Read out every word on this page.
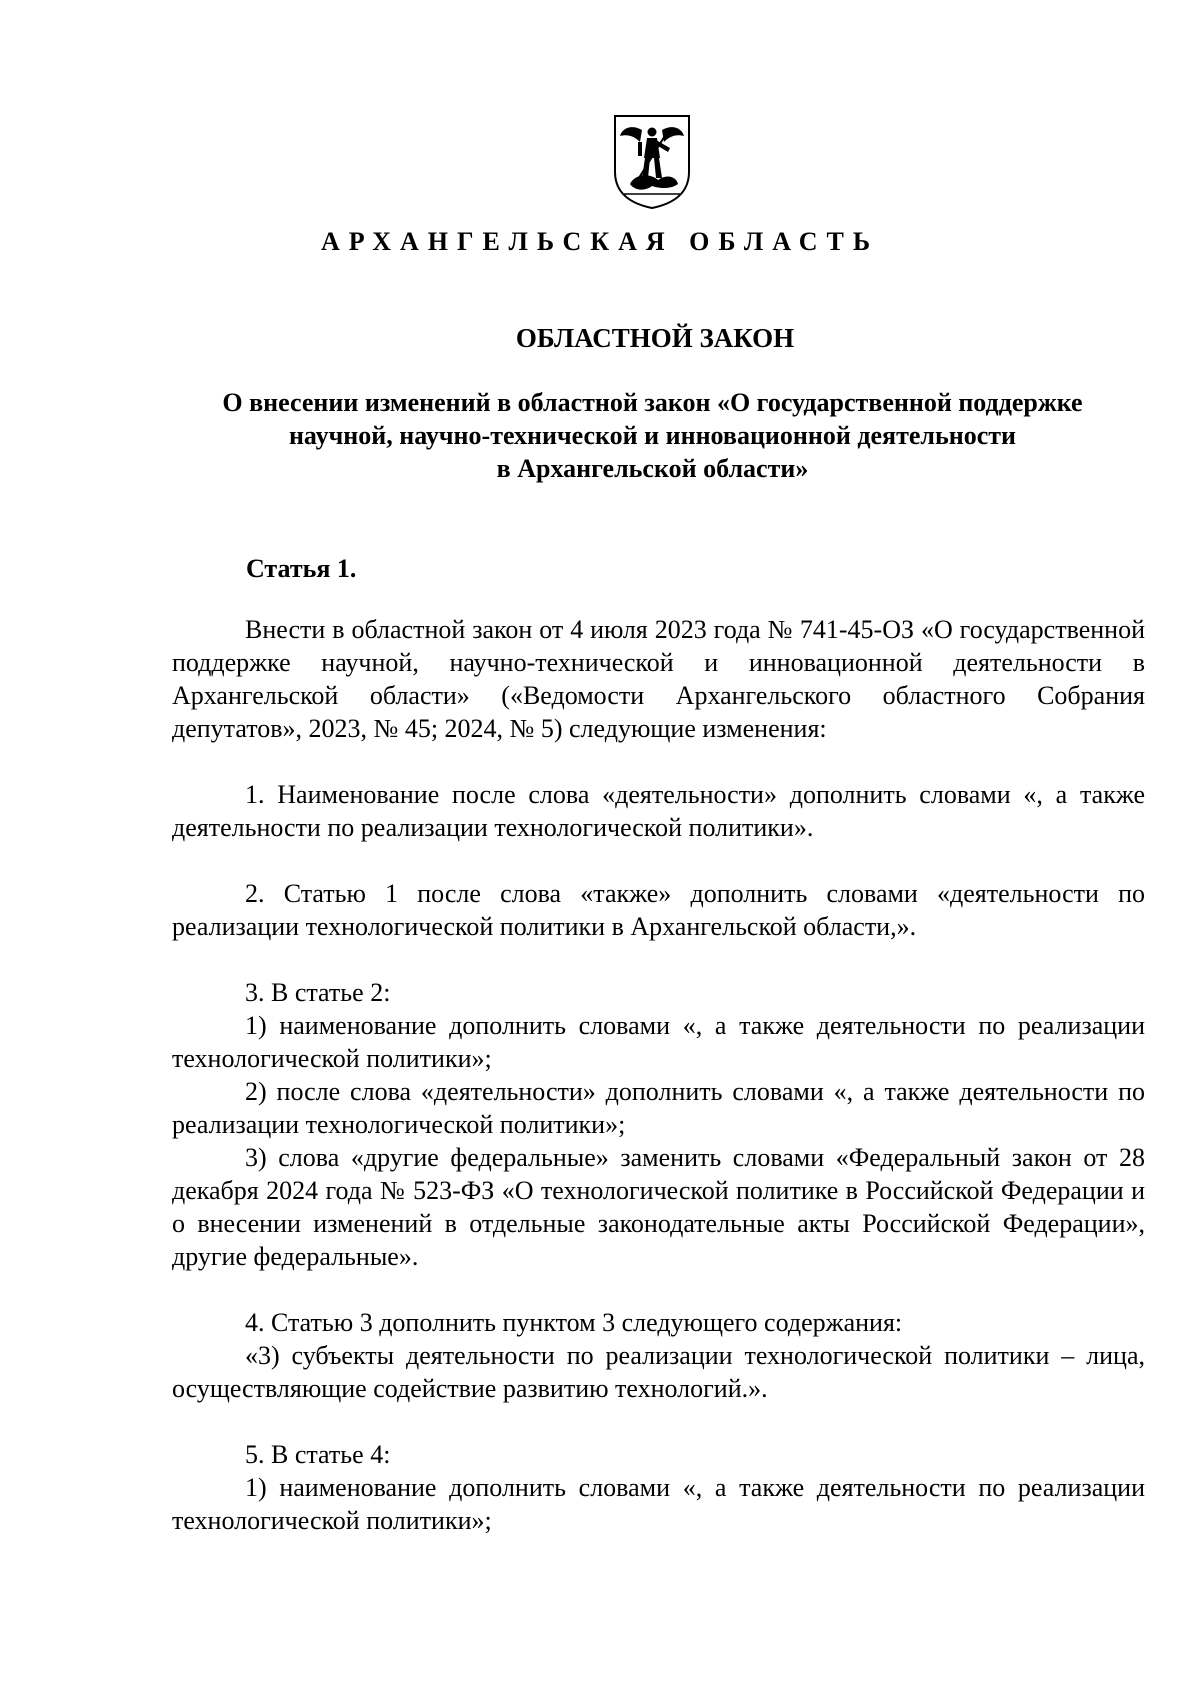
АРХАНГЕЛЬСКАЯ ОБЛАСТЬ
ОБЛАСТНОЙ ЗАКОН
О внесении изменений в областной закон «О государственной поддержке
научной, научно-технической и инновационной деятельности
в Архангельской области»
Статья 1.

Внести в областной закон от 4 июля 2023 года № 741-45-ОЗ «О государственной поддержке научной, научно-технической и инновационной деятельности в Архангельской области» («Ведомости Архангельского областного Собрания депутатов», 2023, № 45; 2024, № 5) следующие изменения:

1. Наименование после слова «деятельности» дополнить словами «, а также деятельности по реализации технологической политики».

2. Статью 1 после слова «также» дополнить словами «деятельности по реализации технологической политики в Архангельской области,».

3. В статье 2:

1) наименование дополнить словами «, а также деятельности по реализации технологической политики»;

2) после слова «деятельности» дополнить словами «, а также деятельности по реализации технологической политики»;

3) слова «другие федеральные» заменить словами «Федеральный закон от 28 декабря 2024 года № 523-ФЗ «О технологической политике в Российской Федерации и о внесении изменений в отдельные законодательные акты Российской Федерации», другие федеральные».

4. Статью 3 дополнить пунктом 3 следующего содержания:

«3) субъекты деятельности по реализации технологической политики – лица, осуществляющие содействие развитию технологий.».

5. В статье 4:

1) наименование дополнить словами «, а также деятельности по реализации технологической политики»;
